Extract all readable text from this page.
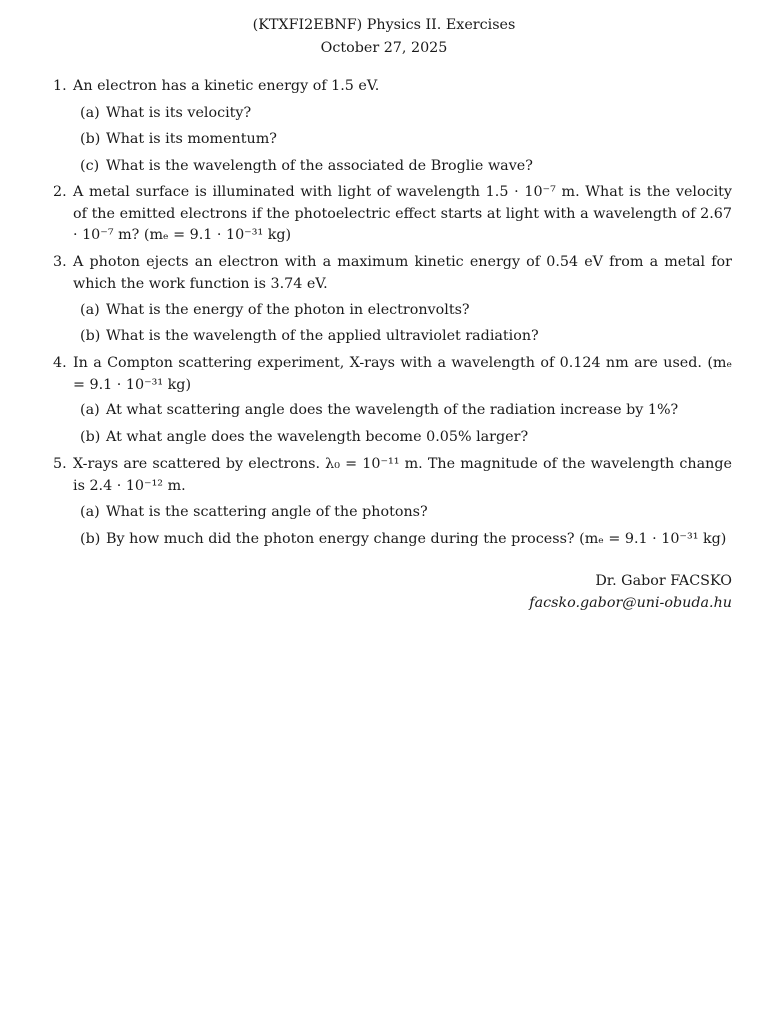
(KTXFI2EBNF) Physics II. Exercises
October 27, 2025
1. An electron has a kinetic energy of 1.5 eV.
(a) What is its velocity?
(b) What is its momentum?
(c) What is the wavelength of the associated de Broglie wave?
2. A metal surface is illuminated with light of wavelength 1.5 · 10⁻⁷ m. What is the velocity of the emitted electrons if the photoelectric effect starts at light with a wavelength of 2.67 · 10⁻⁷ m? (mₑ = 9.1 · 10⁻³¹ kg)
3. A photon ejects an electron with a maximum kinetic energy of 0.54 eV from a metal for which the work function is 3.74 eV.
(a) What is the energy of the photon in electronvolts?
(b) What is the wavelength of the applied ultraviolet radiation?
4. In a Compton scattering experiment, X-rays with a wavelength of 0.124 nm are used. (mₑ = 9.1 · 10⁻³¹ kg)
(a) At what scattering angle does the wavelength of the radiation increase by 1%?
(b) At what angle does the wavelength become 0.05% larger?
5. X-rays are scattered by electrons. λ₀ = 10⁻¹¹ m. The magnitude of the wavelength change is 2.4 · 10⁻¹² m.
(a) What is the scattering angle of the photons?
(b) By how much did the photon energy change during the process? (mₑ = 9.1 · 10⁻³¹ kg)
Dr. Gabor FACSKO
facsko.gabor@uni-obuda.hu
